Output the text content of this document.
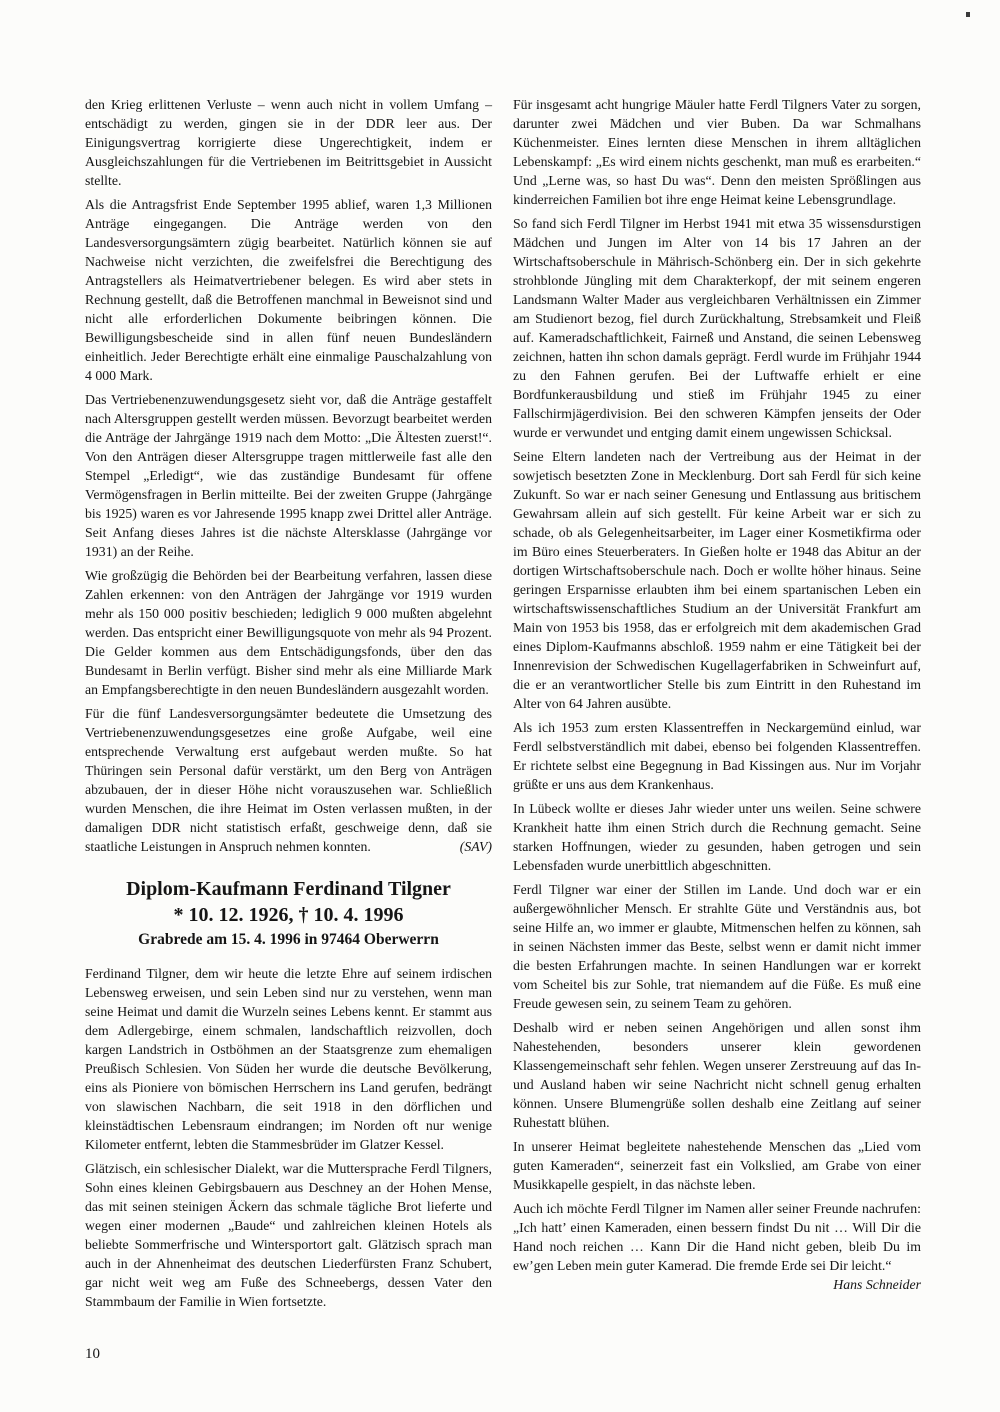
den Krieg erlittenen Verluste – wenn auch nicht in vollem Umfang – entschädigt zu werden, gingen sie in der DDR leer aus. Der Einigungsvertrag korrigierte diese Ungerechtigkeit, indem er Ausgleichszahlungen für die Vertriebenen im Beitrittsgebiet in Aussicht stellte.

Als die Antragsfrist Ende September 1995 ablief, waren 1,3 Millionen Anträge eingegangen. Die Anträge werden von den Landesversorgungsämtern zügig bearbeitet. Natürlich können sie auf Nachweise nicht verzichten, die zweifelsfrei die Berechtigung des Antragstellers als Heimatvertriebener belegen. Es wird aber stets in Rechnung gestellt, daß die Betroffenen manchmal in Beweisnot sind und nicht alle erforderlichen Dokumente beibringen können. Die Bewilligungsbescheide sind in allen fünf neuen Bundesländern einheitlich. Jeder Berechtigte erhält eine einmalige Pauschalzahlung von 4 000 Mark.

Das Vertriebenenzuwendungsgesetz sieht vor, daß die Anträge gestaffelt nach Altersgruppen gestellt werden müssen. Bevorzugt bearbeitet werden die Anträge der Jahrgänge 1919 nach dem Motto: „Die Ältesten zuerst!“. Von den Anträgen dieser Altersgruppe tragen mittlerweile fast alle den Stempel „Erledigt“, wie das zuständige Bundesamt für offene Vermögensfragen in Berlin mitteilte. Bei der zweiten Gruppe (Jahrgänge bis 1925) waren es vor Jahresende 1995 knapp zwei Drittel aller Anträge. Seit Anfang dieses Jahres ist die nächste Altersklasse (Jahrgänge vor 1931) an der Reihe.

Wie großzügig die Behörden bei der Bearbeitung verfahren, lassen diese Zahlen erkennen: von den Anträgen der Jahrgänge vor 1919 wurden mehr als 150 000 positiv beschieden; lediglich 9 000 mußten abgelehnt werden. Das entspricht einer Bewilligungsquote von mehr als 94 Prozent. Die Gelder kommen aus dem Entschädigungsfonds, über den das Bundesamt in Berlin verfügt. Bisher sind mehr als eine Milliarde Mark an Empfangsberechtigte in den neuen Bundesländern ausgezahlt worden.

Für die fünf Landesversorgungsämter bedeutete die Umsetzung des Vertriebenenzuwendungsgesetzes eine große Aufgabe, weil eine entsprechende Verwaltung erst aufgebaut werden mußte. So hat Thüringen sein Personal dafür verstärkt, um den Berg von Anträgen abzubauen, der in dieser Höhe nicht vorauszusehen war. Schließlich wurden Menschen, die ihre Heimat im Osten verlassen mußten, in der damaligen DDR nicht statistisch erfaßt, geschweige denn, daß sie staatliche Leistungen in Anspruch nehmen konnten.	(SAV)

Diplom-Kaufmann Ferdinand Tilgner
* 10. 12. 1926, † 10. 4. 1996
Grabrede am 15. 4. 1996 in 97464 Oberwerrn

Ferdinand Tilgner, dem wir heute die letzte Ehre auf seinem irdischen Lebensweg erweisen, und sein Leben sind nur zu verstehen, wenn man seine Heimat und damit die Wurzeln seines Lebens kennt. Er stammt aus dem Adlergebirge, einem schmalen, landschaftlich reizvollen, doch kargen Landstrich in Ostböhmen an der Staatsgrenze zum ehemaligen Preußisch Schlesien. Von Süden her wurde die deutsche Bevölkerung, eins als Pioniere von bömischen Herrschern ins Land gerufen, bedrängt von slawischen Nachbarn, die seit 1918 in den dörflichen und kleinstädtischen Lebensraum eindrangen; im Norden oft nur wenige Kilometer entfernt, lebten die Stammesbrüder im Glatzer Kessel.

Glätzisch, ein schlesischer Dialekt, war die Muttersprache Ferdl Tilgners, Sohn eines kleinen Gebirgsbauern aus Deschney an der Hohen Mense, das mit seinen steinigen Äckern das schmale tägliche Brot lieferte und wegen einer modernen „Baude“ und zahlreichen kleinen Hotels als beliebte Sommerfrische und Wintersportort galt. Glätzisch sprach man auch in der Ahnenheimat des deutschen Liederfürsten Franz Schubert, gar nicht weit weg am Fuße des Schneebergs, dessen Vater den Stammbaum der Familie in Wien fortsetzte.

Für insgesamt acht hungrige Mäuler hatte Ferdl Tilgners Vater zu sorgen, darunter zwei Mädchen und vier Buben. Da war Schmalhans Küchenmeister. Eines lernten diese Menschen in ihrem alltäglichen Lebenskampf: „Es wird einem nichts geschenkt, man muß es erarbeiten.“ Und „Lerne was, so hast Du was“. Denn den meisten Sprößlingen aus kinderreichen Familien bot ihre enge Heimat keine Lebensgrundlage.

So fand sich Ferdl Tilgner im Herbst 1941 mit etwa 35 wissensdurstigen Mädchen und Jungen im Alter von 14 bis 17 Jahren an der Wirtschaftsoberschule in Mährisch-Schönberg ein. Der in sich gekehrte strohblonde Jüngling mit dem Charakterkopf, der mit seinem engeren Landsmann Walter Mader aus vergleichbaren Verhältnissen ein Zimmer am Studienort bezog, fiel durch Zurückhaltung, Strebsamkeit und Fleiß auf. Kameradschaftlichkeit, Fairneß und Anstand, die seinen Lebensweg zeichnen, hatten ihn schon damals geprägt. Ferdl wurde im Frühjahr 1944 zu den Fahnen gerufen. Bei der Luftwaffe erhielt er eine Bordfunkerausbildung und stieß im Frühjahr 1945 zu einer Fallschirmjägerdivision. Bei den schweren Kämpfen jenseits der Oder wurde er verwundet und entging damit einem ungewissen Schicksal.

Seine Eltern landeten nach der Vertreibung aus der Heimat in der sowjetisch besetzten Zone in Mecklenburg. Dort sah Ferdl für sich keine Zukunft. So war er nach seiner Genesung und Entlassung aus britischem Gewahrsam allein auf sich gestellt. Für keine Arbeit war er sich zu schade, ob als Gelegenheitsarbeiter, im Lager einer Kosmetikfirma oder im Büro eines Steuerberaters. In Gießen holte er 1948 das Abitur an der dortigen Wirtschaftsoberschule nach. Doch er wollte höher hinaus. Seine geringen Ersparnisse erlaubten ihm bei einem spartanischen Leben ein wirtschaftswissenschaftliches Studium an der Universität Frankfurt am Main von 1953 bis 1958, das er erfolgreich mit dem akademischen Grad eines Diplom-Kaufmanns abschloß. 1959 nahm er eine Tätigkeit bei der Innenrevision der Schwedischen Kugellagerfabriken in Schweinfurt auf, die er an verantwortlicher Stelle bis zum Eintritt in den Ruhestand im Alter von 64 Jahren ausübte.

Als ich 1953 zum ersten Klassentreffen in Neckargemünd einlud, war Ferdl selbstverständlich mit dabei, ebenso bei folgenden Klassentreffen. Er richtete selbst eine Begegnung in Bad Kissingen aus. Nur im Vorjahr grüßte er uns aus dem Krankenhaus.

In Lübeck wollte er dieses Jahr wieder unter uns weilen. Seine schwere Krankheit hatte ihm einen Strich durch die Rechnung gemacht. Seine starken Hoffnungen, wieder zu gesunden, haben getrogen und sein Lebensfaden wurde unerbittlich abgeschnitten.

Ferdl Tilgner war einer der Stillen im Lande. Und doch war er ein außergewöhnlicher Mensch. Er strahlte Güte und Verständnis aus, bot seine Hilfe an, wo immer er glaubte, Mitmenschen helfen zu können, sah in seinen Nächsten immer das Beste, selbst wenn er damit nicht immer die besten Erfahrungen machte. In seinen Handlungen war er korrekt vom Scheitel bis zur Sohle, trat niemandem auf die Füße. Es muß eine Freude gewesen sein, zu seinem Team zu gehören.

Deshalb wird er neben seinen Angehörigen und allen sonst ihm Nahestehenden, besonders unserer klein gewordenen Klassengemeinschaft sehr fehlen. Wegen unserer Zerstreuung auf das In- und Ausland haben wir seine Nachricht nicht schnell genug erhalten können. Unsere Blumengrüße sollen deshalb eine Zeitlang auf seiner Ruhestatt blühen.

In unserer Heimat begleitete nahestehende Menschen das „Lied vom guten Kameraden“, seinerzeit fast ein Volkslied, am Grabe von einer Musikkapelle gespielt, in das nächste leben.

Auch ich möchte Ferdl Tilgner im Namen aller seiner Freunde nachrufen: „Ich hatt’ einen Kameraden, einen bessern findst Du nit … Will Dir die Hand noch reichen … Kann Dir die Hand nicht geben, bleib Du im ew’gen Leben mein guter Kamerad. Die fremde Erde sei Dir leicht.“
Hans Schneider

10
